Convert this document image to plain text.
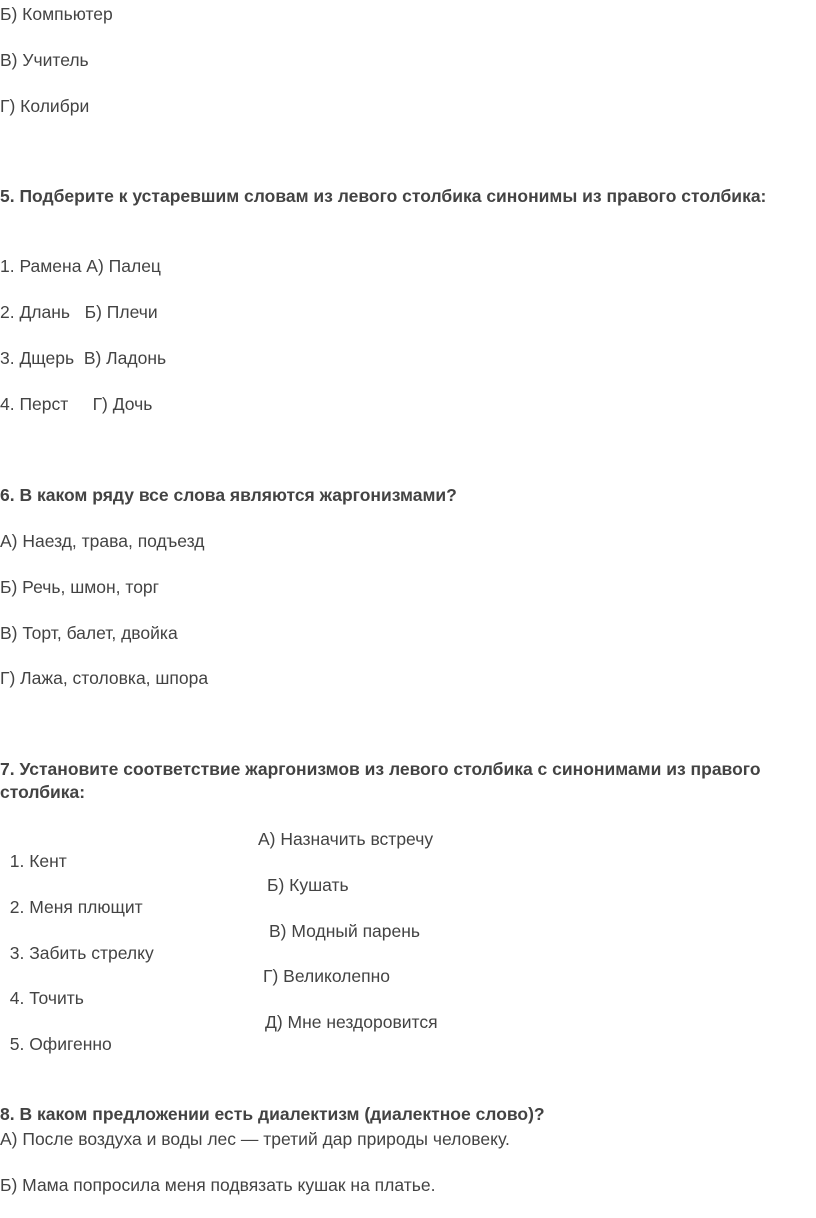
Б) Компьютер

В) Учитель

Г) Колибри

5. Подберите к устаревшим словам из левого столбика синонимы из правого столбика:

1. Рамена А) Палец

2. Длань   Б) Плечи

3. Дщерь  В) Ладонь

4. Перст     Г) Дочь

6. В каком ряду все слова являются жаргонизмами?

А) Наезд, трава, подъезд

Б) Речь, шмон, торг

В) Торт, балет, двойка

Г) Лажа, столовка, шпора

7. Установите соответствие жаргонизмов из левого столбика с синонимами из правого столбика:

1. Кент

А) Назначить встречу

2. Меня плющит

Б) Кушать

3. Забить стрелку

В) Модный парень

4. Точить

Г) Великолепно

5. Офигенно

Д) Мне нездоровится

8. В каком предложении есть диалектизм (диалектное слово)?

А) После воздуха и воды лес — третий дар природы человеку.

Б) Мама попросила меня подвязать кушак на платье.
